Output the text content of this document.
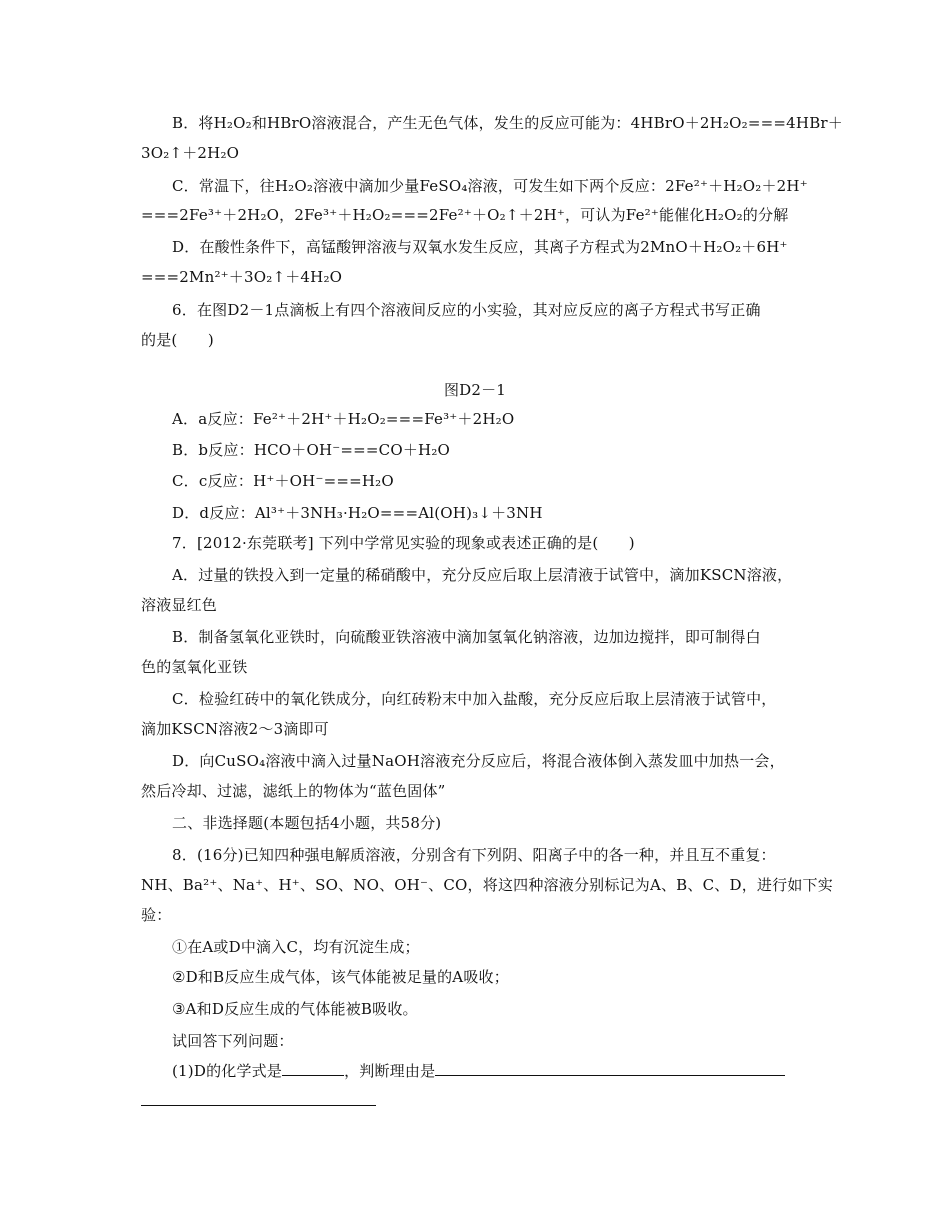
B．将H₂O₂和HBrO溶液混合，产生无色气体，发生的反应可能为：4HBrO＋2H₂O₂===4HBr＋
3O₂↑＋2H₂O
C．常温下，往H₂O₂溶液中滴加少量FeSO₄溶液，可发生如下两个反应：2Fe²⁺＋H₂O₂＋2H⁺
===2Fe³⁺＋2H₂O，2Fe³⁺＋H₂O₂===2Fe²⁺＋O₂↑＋2H⁺，可认为Fe²⁺能催化H₂O₂的分解
D．在酸性条件下，高锰酸钾溶液与双氧水发生反应，其离子方程式为2MnO＋H₂O₂＋6H⁺
===2Mn²⁺＋3O₂↑＋4H₂O
6．在图D2－1点滴板上有四个溶液间反应的小实验，其对应反应的离子方程式书写正确
的是(　　)
图D2－1
A．a反应：Fe²⁺＋2H⁺＋H₂O₂===Fe³⁺＋2H₂O
B．b反应：HCO＋OH⁻===CO＋H₂O
C．c反应：H⁺＋OH⁻===H₂O
D．d反应：Al³⁺＋3NH₃·H₂O===Al(OH)₃↓＋3NH
7．[2012·东莞联考] 下列中学常见实验的现象或表述正确的是(　　)
A．过量的铁投入到一定量的稀硝酸中，充分反应后取上层清液于试管中，滴加KSCN溶液，
溶液显红色
B．制备氢氧化亚铁时，向硫酸亚铁溶液中滴加氢氧化钠溶液，边加边搅拌，即可制得白
色的氢氧化亚铁
C．检验红砖中的氧化铁成分，向红砖粉末中加入盐酸，充分反应后取上层清液于试管中，
滴加KSCN溶液2～3滴即可
D．向CuSO₄溶液中滴入过量NaOH溶液充分反应后，将混合液体倒入蒸发皿中加热一会，
然后冷却、过滤，滤纸上的物体为“蓝色固体”
二、非选择题(本题包括4小题，共58分)
8．(16分)已知四种强电解质溶液，分别含有下列阴、阳离子中的各一种，并且互不重复：
NH、Ba²⁺、Na⁺、H⁺、SO、NO、OH⁻、CO，将这四种溶液分别标记为A、B、C、D，进行如下实
验：
①在A或D中滴入C，均有沉淀生成；
②D和B反应生成气体，该气体能被足量的A吸收；
③A和D反应生成的气体能被B吸收。
试回答下列问题：
(1)D的化学式是	，判断理由是
